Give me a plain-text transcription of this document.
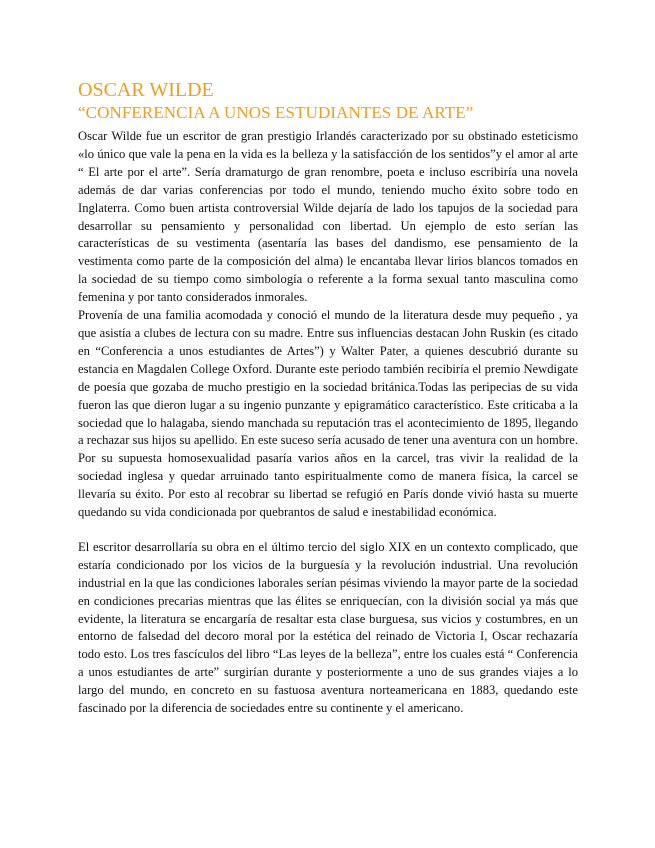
OSCAR WILDE
“CONFERENCIA A UNOS ESTUDIANTES DE ARTE”

Oscar Wilde fue un escritor de gran prestigio Irlandés caracterizado por su obstinado esteticismo «lo único que vale la pena en la vida es la belleza y la satisfacción de los sentidos”y el amor al arte “ El arte por el arte”. Sería dramaturgo de gran renombre, poeta e incluso escribiría una novela además de dar varias conferencias por todo el mundo, teniendo mucho éxito sobre todo en Inglaterra. Como buen artista controversial Wilde dejaría de lado los tapujos de la sociedad para desarrollar su pensamiento y personalidad con libertad. Un ejemplo de esto serían las características de su vestimenta (asentaría las bases del dandismo, ese pensamiento de la vestimenta como parte de la composición del alma) le encantaba llevar lirios blancos tomados en la sociedad de su tiempo como simbología o referente a la forma sexual tanto masculina como femenina y por tanto considerados inmorales.

Provenía de una familia acomodada y conoció el mundo de la literatura desde muy pequeño , ya que asistía a clubes de lectura con su madre. Entre sus influencias destacan John Ruskin (es citado en “Conferencia a unos estudiantes de Artes”) y Walter Pater, a quienes descubrió durante su estancia en Magdalen College Oxford. Durante este periodo también recibiría el premio Newdigate de poesía que gozaba de mucho prestigio en la sociedad británica.Todas las peripecias de su vida fueron las que dieron lugar a su ingenio punzante y epigramático característico. Este criticaba a la sociedad que lo halagaba, siendo manchada su reputación tras el acontecimiento de 1895, llegando a rechazar sus hijos su apellido. En este suceso sería acusado de tener una aventura con un hombre. Por su supuesta homosexualidad pasaría varios años en la carcel, tras vivir la realidad de la sociedad inglesa y quedar arruinado tanto espiritualmente como de manera física, la carcel se llevaría su éxito. Por esto al recobrar su libertad se refugió en París donde vivió hasta su muerte quedando su vida condicionada por quebrantos de salud e inestabilidad económica.

El escritor desarrollaría su obra en el último tercio del siglo XIX en un contexto complicado, que estaría condicionado por los vicios de la burguesía y la revolución industrial. Una revolución industrial en la que las condiciones laborales serían pésimas viviendo la mayor parte de la sociedad en condiciones precarias mientras que las élites se enriquecían, con la división social ya más que evidente, la literatura se encargaría de resaltar esta clase burguesa, sus vicios y costumbres, en un entorno de falsedad del decoro moral por la estética del reinado de Victoria I, Oscar rechazaría todo esto. Los tres fascículos del libro “Las leyes de la belleza”, entre los cuales está “ Conferencia a unos estudiantes de arte” surgirían durante y posteriormente a uno de sus grandes viajes a lo largo del mundo, en concreto en su fastuosa aventura norteamericana en 1883, quedando este fascinado por la diferencia de sociedades entre su continente y el americano.
